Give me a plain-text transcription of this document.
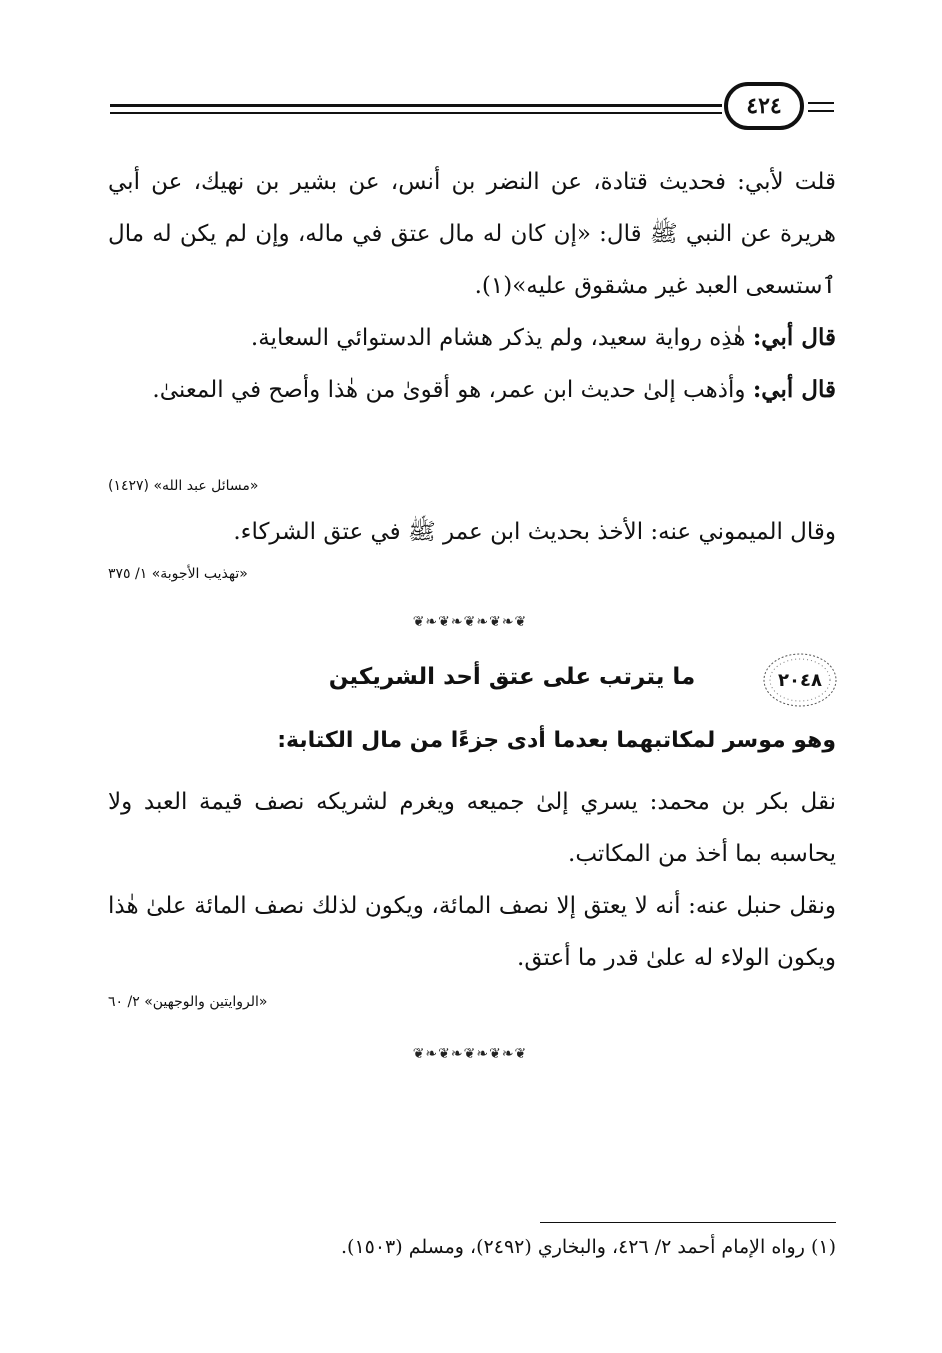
٤٢٤

قلت لأبي: فحديث قتادة، عن النضر بن أنس، عن بشير بن نهيك، عن أبي هريرة عن النبي ﷺ قال: «إن كان له مال عتق في ماله، وإن لم يكن له مال ٱستسعى العبد غير مشقوق عليه»(١).

قال أبي: هٰذِه رواية سعيد، ولم يذكر هشام الدستوائي السعاية.

قال أبي: وأذهب إلىٰ حديث ابن عمر، هو أقوىٰ من هٰذا وأصح في المعنىٰ.

«مسائل عبد الله» (١٤٢٧)

وقال الميموني عنه: الأخذ بحديث ابن عمر ﷺ في عتق الشركاء.

«تهذيب الأجوبة» ١/ ٣٧٥

❦❧❦❧❦❧❦❧❦
٢٠٤٨
ما يترتب على عتق أحد الشريكين
وهو موسر لمكاتبهما بعدما أدى جزءًا من مال الكتابة:

نقل بكر بن محمد: يسري إلىٰ جميعه ويغرم لشريكه نصف قيمة العبد ولا يحاسبه بما أخذ من المكاتب.

ونقل حنبل عنه: أنه لا يعتق إلا نصف المائة، ويكون لذلك نصف المائة علىٰ هٰذا ويكون الولاء له علىٰ قدر ما أعتق.

«الروايتين والوجهين» ٢/ ٦٠

❦❧❦❧❦❧❦❧❦

(١) رواه الإمام أحمد ٢/ ٤٢٦، والبخاري (٢٤٩٢)، ومسلم (١٥٠٣).
